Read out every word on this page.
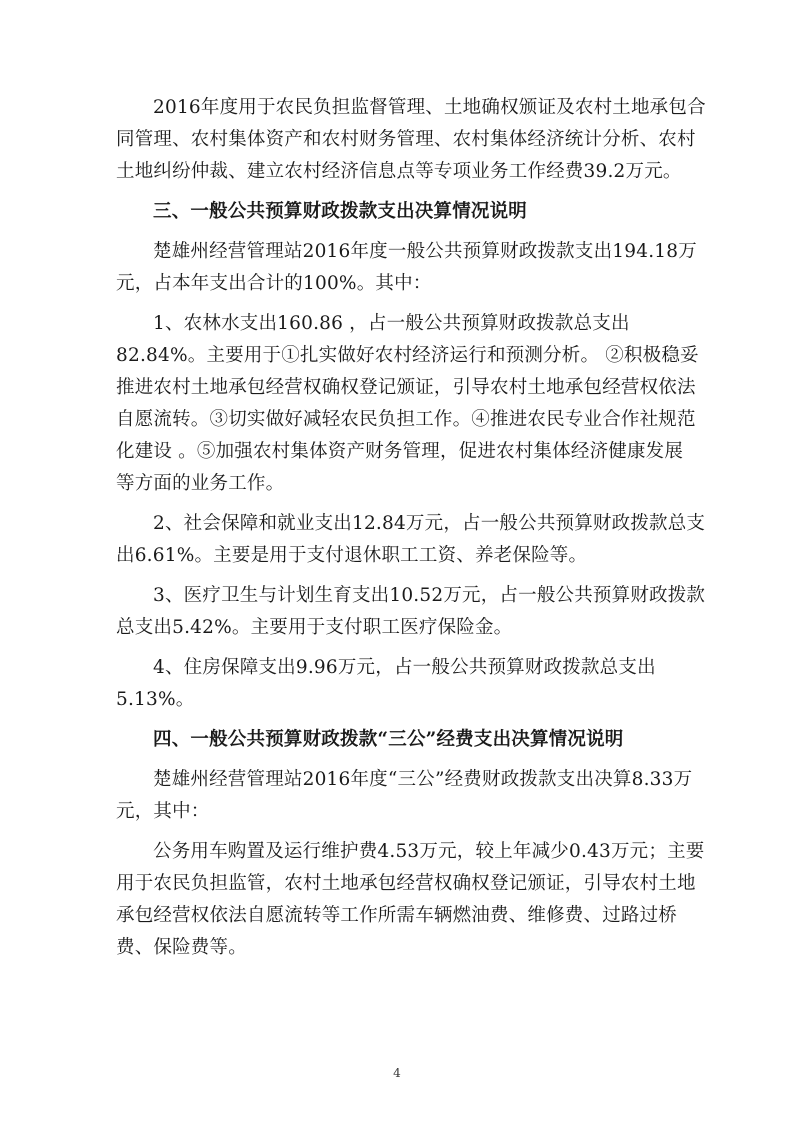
2016年度用于农民负担监督管理、土地确权颁证及农村土地承包合
同管理、农村集体资产和农村财务管理、农村集体经济统计分析、农村
土地纠纷仲裁、建立农村经济信息点等专项业务工作经费39.2万元。
三、一般公共预算财政拨款支出决算情况说明
楚雄州经营管理站2016年度一般公共预算财政拨款支出194.18万
元，占本年支出合计的100%。其中：
1、农林水支出160.86 ，占一般公共预算财政拨款总支出
82.84%。主要用于①扎实做好农村经济运行和预测分析。 ②积极稳妥
推进农村土地承包经营权确权登记颁证，引导农村土地承包经营权依法
自愿流转。③切实做好减轻农民负担工作。④推进农民专业合作社规范
化建设 。⑤加强农村集体资产财务管理，促进农村集体经济健康发展
等方面的业务工作。
2、社会保障和就业支出12.84万元，占一般公共预算财政拨款总支
出6.61%。主要是用于支付退休职工工资、养老保险等。
3、医疗卫生与计划生育支出10.52万元，占一般公共预算财政拨款
总支出5.42%。主要用于支付职工医疗保险金。
4、住房保障支出9.96万元，占一般公共预算财政拨款总支出
5.13%。
四、一般公共预算财政拨款“三公”经费支出决算情况说明
楚雄州经营管理站2016年度“三公”经费财政拨款支出决算8.33万
元，其中：
公务用车购置及运行维护费4.53万元，较上年减少0.43万元；主要
用于农民负担监管，农村土地承包经营权确权登记颁证，引导农村土地
承包经营权依法自愿流转等工作所需车辆燃油费、维修费、过路过桥
费、保险费等。
4
